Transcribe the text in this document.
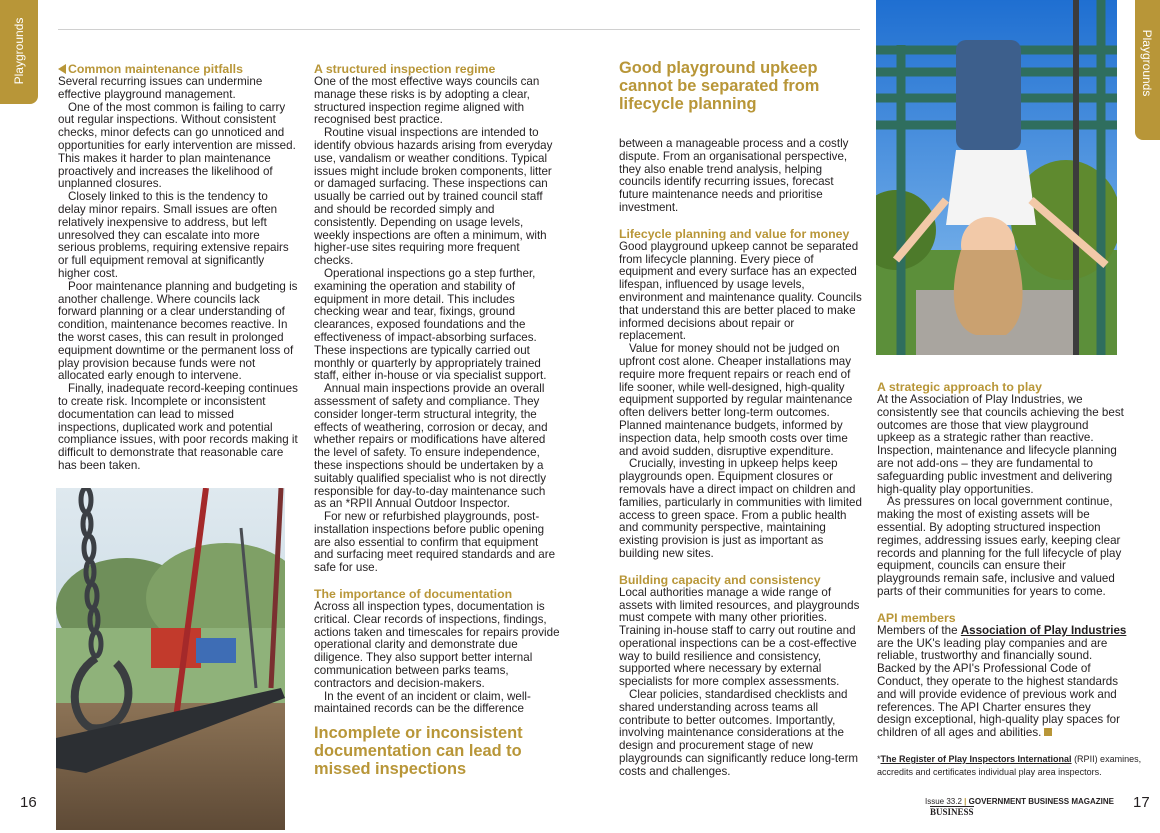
Playgrounds	Playgrounds
Common maintenance pitfalls

Several recurring issues can undermine effective playground management.

One of the most common is failing to carry out regular inspections. Without consistent checks, minor defects can go unnoticed and opportunities for early intervention are missed. This makes it harder to plan maintenance proactively and increases the likelihood of unplanned closures.

Closely linked to this is the tendency to delay minor repairs. Small issues are often relatively inexpensive to address, but left unresolved they can escalate into more serious problems, requiring extensive repairs or full equipment removal at significantly higher cost.

Poor maintenance planning and budgeting is another challenge. Where councils lack forward planning or a clear understanding of condition, maintenance becomes reactive. In the worst cases, this can result in prolonged equipment downtime or the permanent loss of play provision because funds were not allocated early enough to intervene.

Finally, inadequate record-keeping continues to create risk. Incomplete or inconsistent documentation can lead to missed inspections, duplicated work and potential compliance issues, with poor records making it difficult to demonstrate that reasonable care has been taken.

A structured inspection regime

One of the most effective ways councils can manage these risks is by adopting a clear, structured inspection regime aligned with recognised best practice.

Routine visual inspections are intended to identify obvious hazards arising from everyday use, vandalism or weather conditions. Typical issues might include broken components, litter or damaged surfacing. These inspections can usually be carried out by trained council staff and should be recorded simply and consistently. Depending on usage levels, weekly inspections are often a minimum, with higher-use sites requiring more frequent checks.

Operational inspections go a step further, examining the operation and stability of equipment in more detail. This includes checking wear and tear, fixings, ground clearances, exposed foundations and the effectiveness of impact-absorbing surfaces. These inspections are typically carried out monthly or quarterly by appropriately trained staff, either in-house or via specialist support.

Annual main inspections provide an overall assessment of safety and compliance. They consider longer-term structural integrity, the effects of weathering, corrosion or decay, and whether repairs or modifications have altered the level of safety. To ensure independence, these inspections should be undertaken by a suitably qualified specialist who is not directly responsible for day-to-day maintenance such as an *RPII Annual Outdoor Inspector.

For new or refurbished playgrounds, post-installation inspections before public opening are also essential to confirm that equipment and surfacing meet required standards and are safe for use.

The importance of documentation

Across all inspection types, documentation is critical. Clear records of inspections, findings, actions taken and timescales for repairs provide operational clarity and demonstrate due diligence. They also support better internal communication between parks teams, contractors and decision-makers.

In the event of an incident or claim, well-maintained records can be the difference

Incomplete or inconsistent documentation can lead to missed inspections
Good playground upkeep cannot be separated from lifecycle planning

between a manageable process and a costly dispute. From an organisational perspective, they also enable trend analysis, helping councils identify recurring issues, forecast future maintenance needs and prioritise investment.

Lifecycle planning and value for money

Good playground upkeep cannot be separated from lifecycle planning. Every piece of equipment and every surface has an expected lifespan, influenced by usage levels, environment and maintenance quality. Councils that understand this are better placed to make informed decisions about repair or replacement.

Value for money should not be judged on upfront cost alone. Cheaper installations may require more frequent repairs or reach end of life sooner, while well-designed, high-quality equipment supported by regular maintenance often delivers better long-term outcomes. Planned maintenance budgets, informed by inspection data, help smooth costs over time and avoid sudden, disruptive expenditure.

Crucially, investing in upkeep helps keep playgrounds open. Equipment closures or removals have a direct impact on children and families, particularly in communities with limited access to green space. From a public health and community perspective, maintaining existing provision is just as important as building new sites.

Building capacity and consistency

Local authorities manage a wide range of assets with limited resources, and playgrounds must compete with many other priorities. Training in-house staff to carry out routine and operational inspections can be a cost-effective way to build resilience and consistency, supported where necessary by external specialists for more complex assessments.

Clear policies, standardised checklists and shared understanding across teams all contribute to better outcomes. Importantly, involving maintenance considerations at the design and procurement stage of new playgrounds can significantly reduce long-term costs and challenges.

A strategic approach to play

At the Association of Play Industries, we consistently see that councils achieving the best outcomes are those that view playground upkeep as a strategic rather than reactive. Inspection, maintenance and lifecycle planning are not add-ons – they are fundamental to safeguarding public investment and delivering high-quality play opportunities.

As pressures on local government continue, making the most of existing assets will be essential. By adopting structured inspection regimes, addressing issues early, keeping clear records and planning for the full lifecycle of play equipment, councils can ensure their playgrounds remain safe, inclusive and valued parts of their communities for years to come.

API members

Members of the Association of Play Industries are the UK's leading play companies and are reliable, trustworthy and financially sound. Backed by the API's Professional Code of Conduct, they operate to the highest standards and will provide evidence of previous work and references. The API Charter ensures they design exceptional, high-quality play spaces for children of all ages and abilities.

*The Register of Play Inspectors International (RPII) examines, accredits and certificates individual play area inspectors.
16	17
Issue 33.2 | GOVERNMENT BUSINESS MAGAZINE BUSINESS
